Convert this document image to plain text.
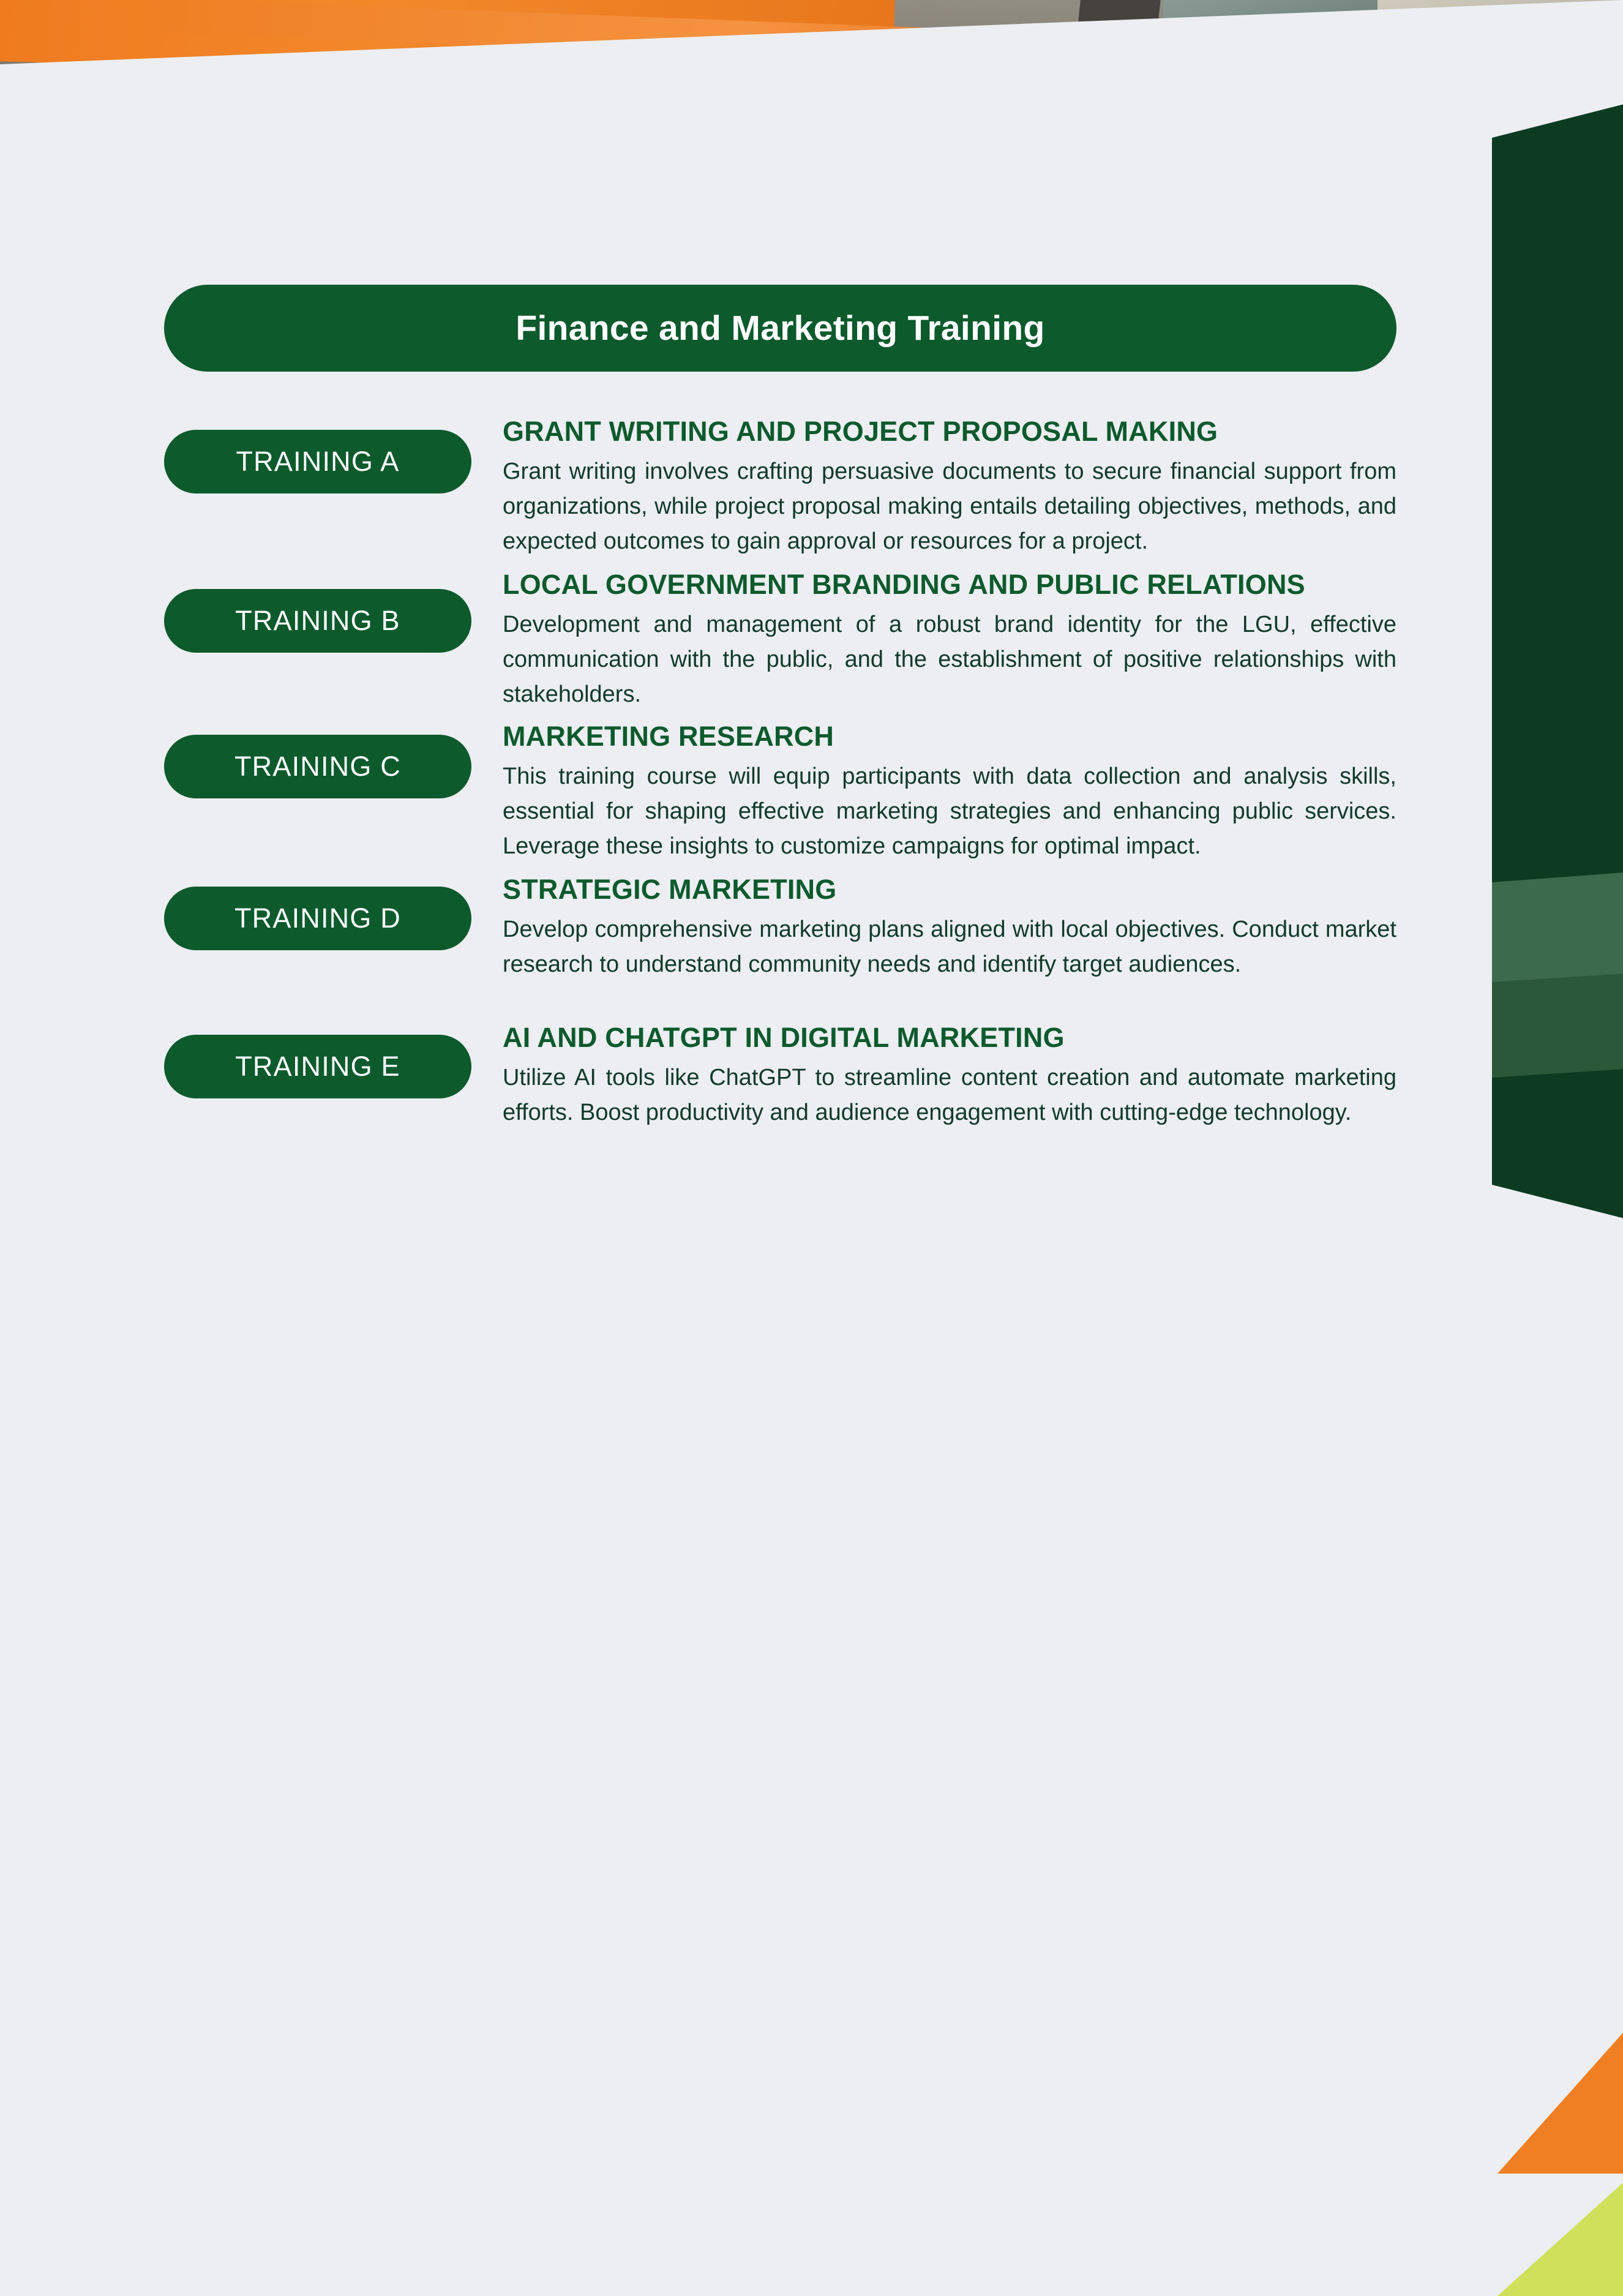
Finance and Marketing Training
TRAINING A
GRANT WRITING AND PROJECT PROPOSAL MAKING

Grant writing involves crafting persuasive documents to secure financial support from organizations, while project proposal making entails detailing objectives, methods, and expected outcomes to gain approval or resources for a project.

TRAINING B
LOCAL GOVERNMENT BRANDING AND PUBLIC RELATIONS

Development and management of a robust brand identity for the LGU, effective communication with the public, and the establishment of positive relationships with stakeholders.

TRAINING C
MARKETING RESEARCH

This training course will equip participants with data collection and analysis skills, essential for shaping effective marketing strategies and enhancing public services. Leverage these insights to customize campaigns for optimal impact.

TRAINING D
STRATEGIC MARKETING

Develop comprehensive marketing plans aligned with local objectives. Conduct market research to understand community needs and identify target audiences.

TRAINING E
AI AND CHATGPT IN DIGITAL MARKETING

Utilize AI tools like ChatGPT to streamline content creation and automate marketing efforts. Boost productivity and audience engagement with cutting-edge technology.
